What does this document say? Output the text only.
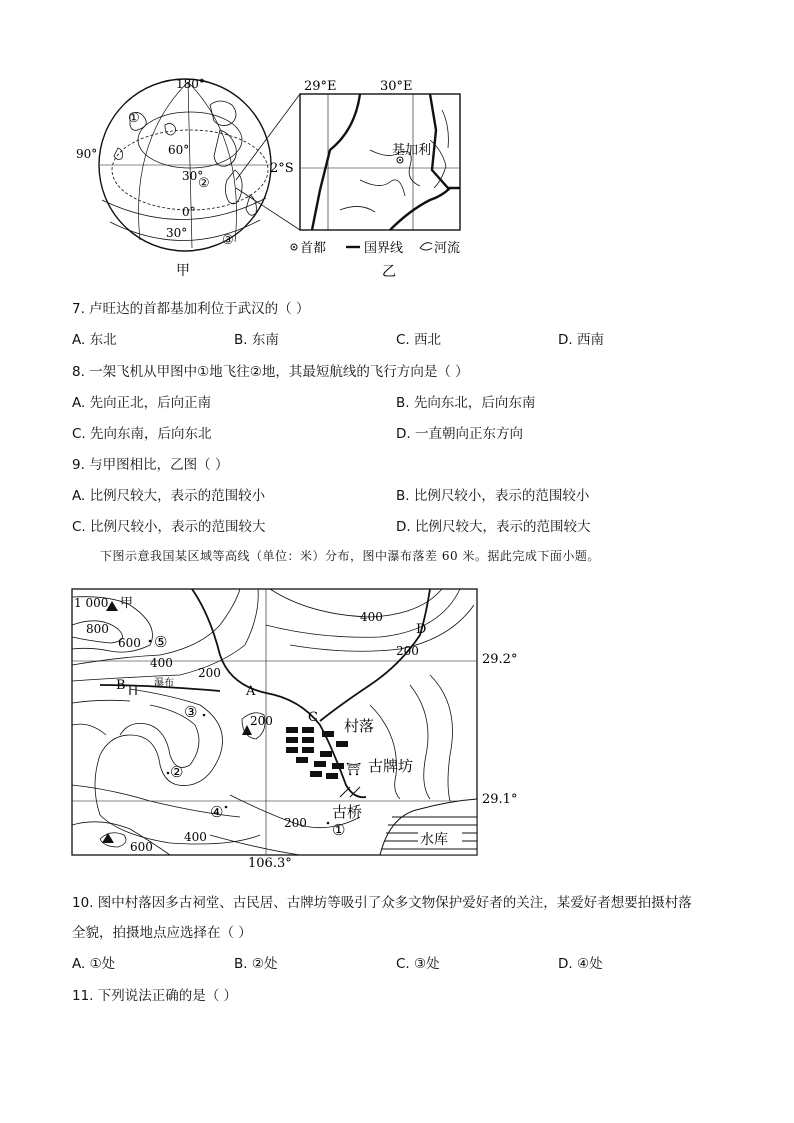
180°
90°	60°
30°
0°
30°
①
②
③
甲
29°E	30°E
2°S
基加利
首都	国界线 河流
乙
7. 卢旺达的首都基加利位于武汉的（ ）
A. 东北	B. 东南	C. 西北	D. 西南
8. 一架飞机从甲图中①地飞往②地，其最短航线的飞行方向是（ ）
A. 先向正北，后向正南	B. 先向东北，后向东南
C. 先向东南，后向东北	D. 一直朝向正东方向
9. 与甲图相比，乙图（ ）
A. 比例尺较大，表示的范围较小	B. 比例尺较小，表示的范围较小
C. 比例尺较小，表示的范围较大	D. 比例尺较大，表示的范围较大
下图示意我国某区域等高线（单位：米）分布，图中瀑布落差 60 米。据此完成下面小题。
⛩
1 000 甲
800
600
400
200
200
400
200
400
600
200
A
B
C
D
瀑布
村落
古牌坊
古桥
水库
①
②
③
④
⑤
29.2°
29.1°
106.3°
10. 图中村落因多古祠堂、古民居、古牌坊等吸引了众多文物保护爱好者的关注，某爱好者想要拍摄村落
全貌，拍摄地点应选择在（ ）
A. ①处	B. ②处	C. ③处	D. ④处
11. 下列说法正确的是（ ）
